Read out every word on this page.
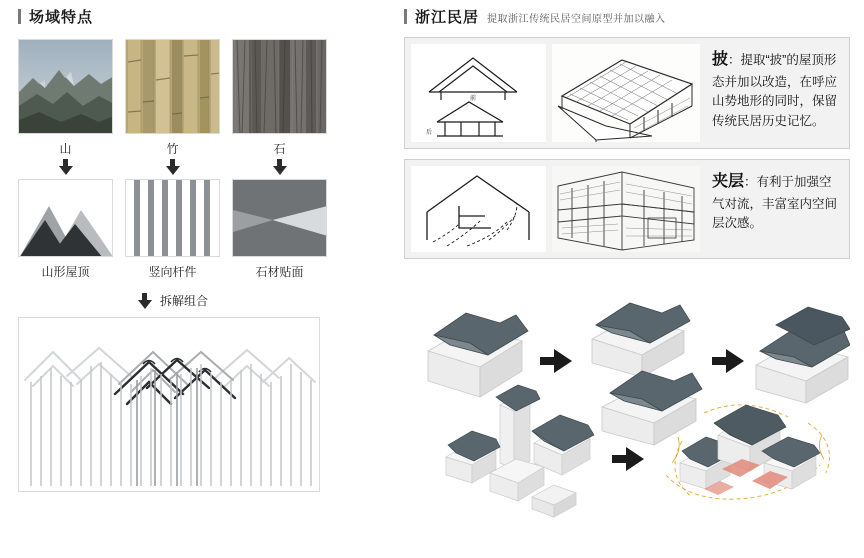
场域特点
山	竹	石
山形屋顶	竖向杆件	石材贴面
拆解组合
浙江民居 提取浙江传统民居空间原型并加以融入
前
后
披：提取“披”的屋顶形态并加以改造，在呼应山势地形的同时，保留传统民居历史记忆。
夹层：有利于加强空气对流，丰富室内空间层次感。
